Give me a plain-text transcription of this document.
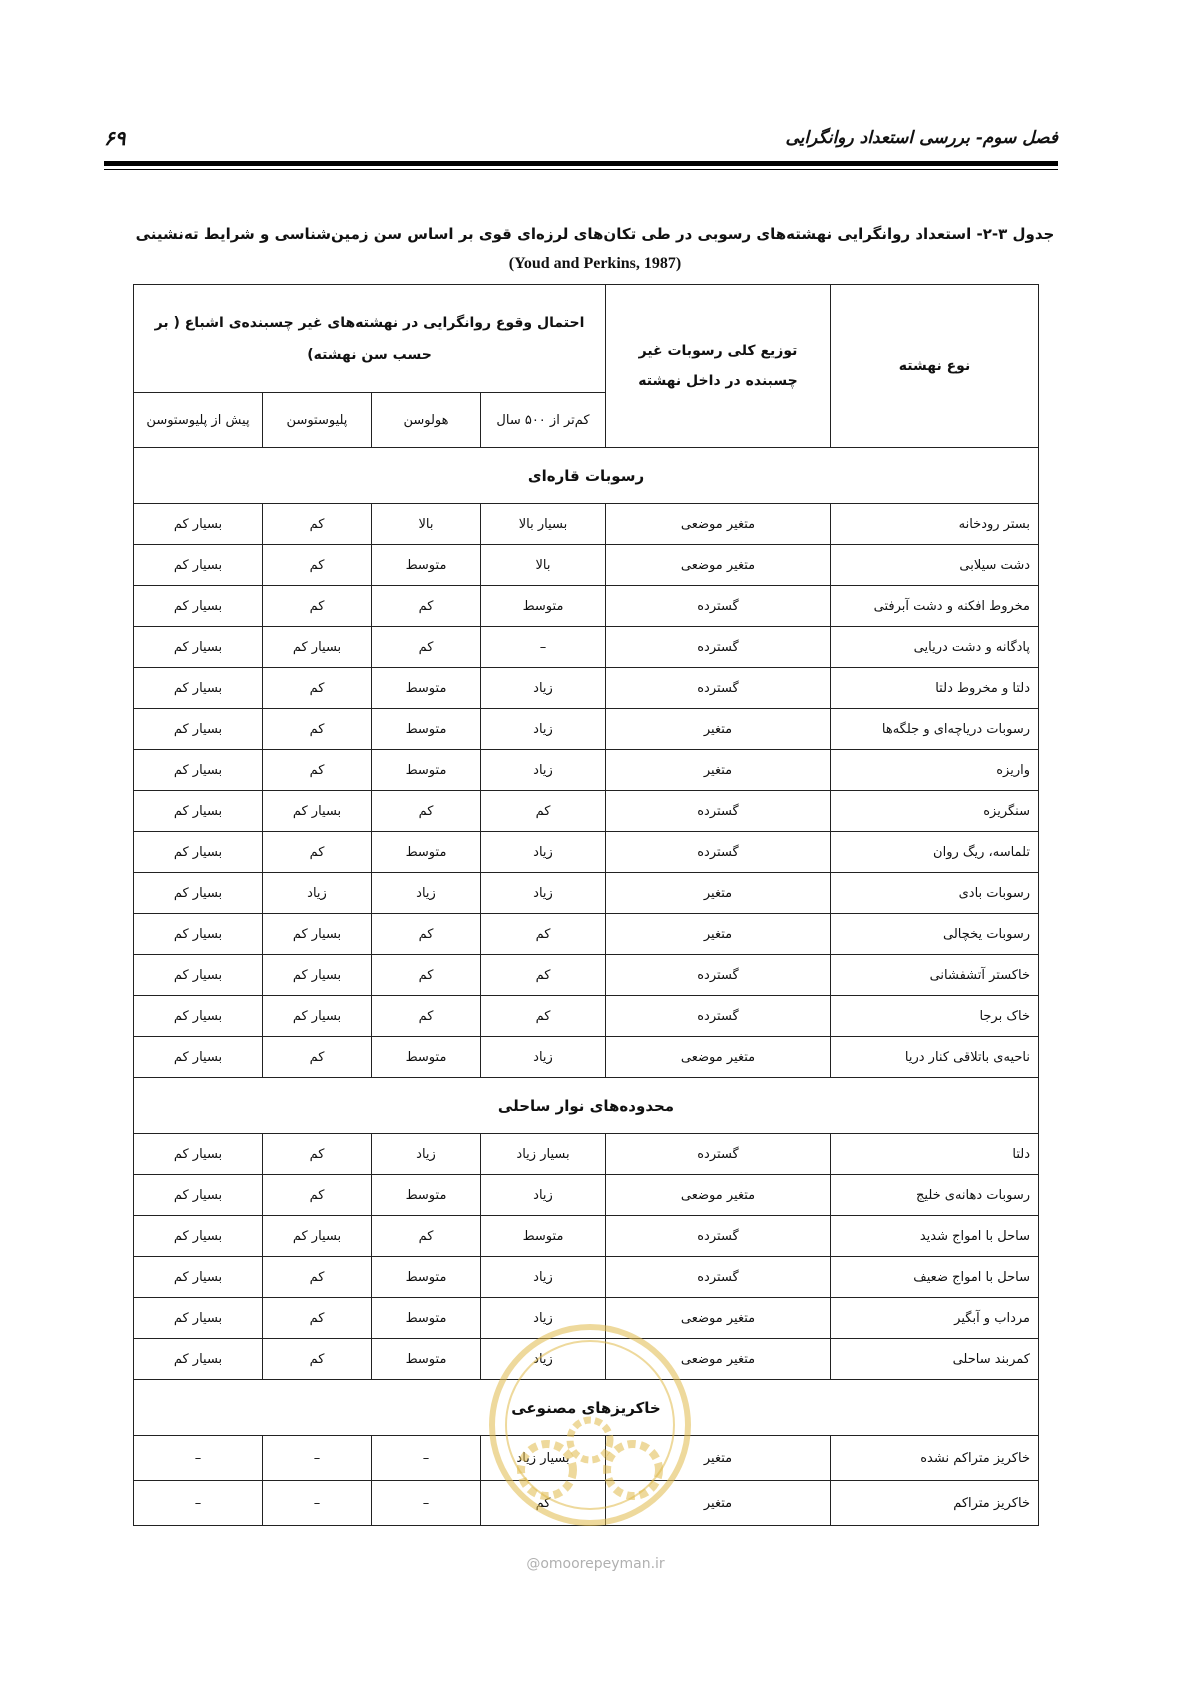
فصل سوم- بررسی استعداد روانگرایی
۶۹
جدول ۳-۲- استعداد روانگرایی نهشته‌های رسوبی در طی تکان‌های لرزه‌ای قوی بر اساس سن زمین‌شناسی و شرایط ته‌نشینی
(Youd and Perkins, 1987)
نوع نهشته	توزیع کلی رسوبات غیر چسبنده در داخل نهشته	احتمال وقوع روانگرایی در نهشته‌های غیر چسبنده‌ی اشباع ( بر حسب سن نهشته)			
		کم‌تر از ۵۰۰ سال	هولوسن	پلیوستوسن	پیش از پلیوستوسن
رسوبات قاره‌ای					
بستر رودخانه	متغیر موضعی	بسیار بالا	بالا	کم	بسیار کم
دشت سیلابی	متغیر موضعی	بالا	متوسط	کم	بسیار کم
مخروط افکنه و دشت آبرفتی	گسترده	متوسط	کم	کم	بسیار کم
پادگانه و دشت دریایی	گسترده	–	کم	بسیار کم	بسیار کم
دلتا و مخروط دلتا	گسترده	زیاد	متوسط	کم	بسیار کم
رسوبات دریاچه‌ای و جلگه‌ها	متغیر	زیاد	متوسط	کم	بسیار کم
واریزه	متغیر	زیاد	متوسط	کم	بسیار کم
سنگریزه	گسترده	کم	کم	بسیار کم	بسیار کم
تلماسه، ریگ روان	گسترده	زیاد	متوسط	کم	بسیار کم
رسوبات بادی	متغیر	زیاد	زیاد	زیاد	بسیار کم
رسوبات یخچالی	متغیر	کم	کم	بسیار کم	بسیار کم
خاکستر آتشفشانی	گسترده	کم	کم	بسیار کم	بسیار کم
خاک برجا	گسترده	کم	کم	بسیار کم	بسیار کم
ناحیه‌ی باتلاقی کنار دریا	متغیر موضعی	زیاد	متوسط	کم	بسیار کم
محدوده‌های نوار ساحلی					
دلتا	گسترده	بسیار زیاد	زیاد	کم	بسیار کم
رسوبات دهانه‌ی خلیج	متغیر موضعی	زیاد	متوسط	کم	بسیار کم
ساحل با امواج شدید	گسترده	متوسط	کم	بسیار کم	بسیار کم
ساحل با امواج ضعیف	گسترده	زیاد	متوسط	کم	بسیار کم
مرداب و آبگیر	متغیر موضعی	زیاد	متوسط	کم	بسیار کم
کمربند ساحلی	متغیر موضعی	زیاد	متوسط	کم	بسیار کم
خاکریزهای مصنوعی					
خاکریز متراکم نشده	متغیر	بسیار زیاد	–	–	–
خاکریز متراکم	متغیر	کم	–	–	–
@omoorepeyman.ir
